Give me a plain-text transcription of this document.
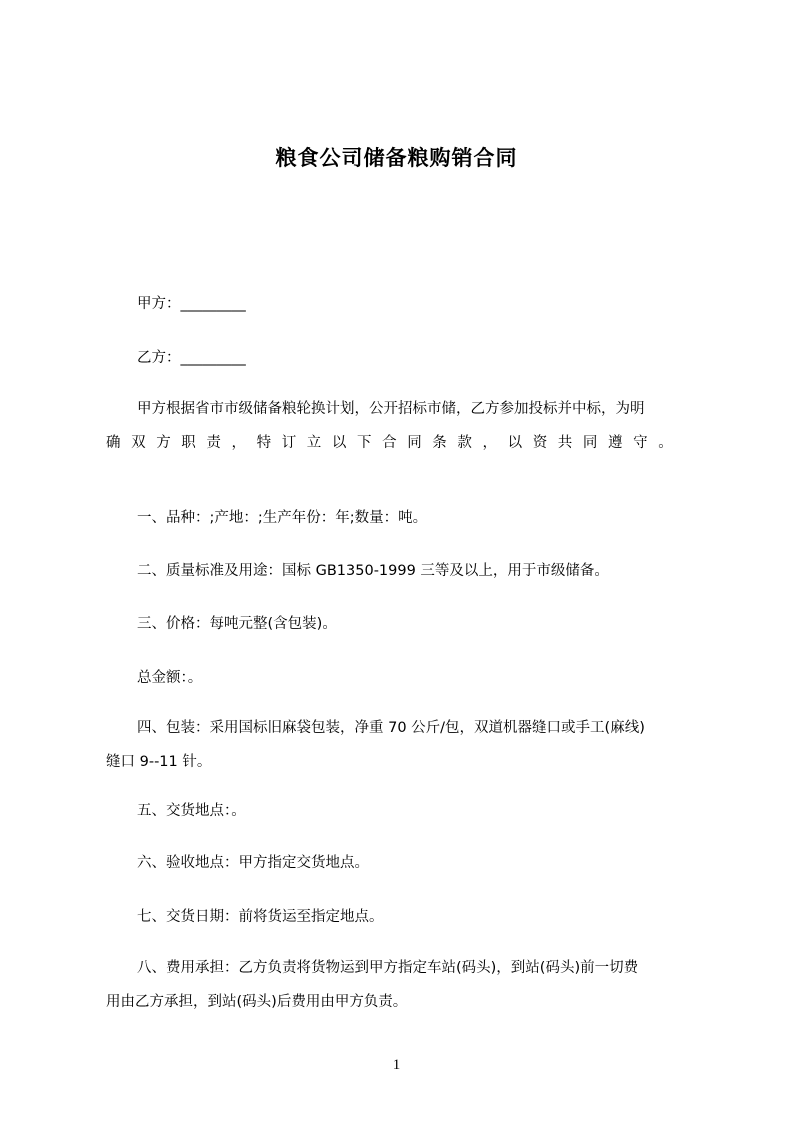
粮食公司储备粮购销合同
甲方：_________
乙方：_________

甲方根据省市市级储备粮轮换计划，公开招标市储，乙方参加投标并中标，为明

确双方职责，特订立以下合同条款，以资共同遵守。

一、品种：;产地：;生产年份：年;数量：吨。
二、质量标准及用途：国标 GB1350-1999 三等及以上，用于市级储备。
三、价格：每吨元整(含包装)。
总金额：。

四、包装：采用国标旧麻袋包装，净重 70 公斤/包，双道机器缝口或手工(麻线)

缝口 9--11 针。

五、交货地点：。
六、验收地点：甲方指定交货地点。
七、交货日期：前将货运至指定地点。

八、费用承担：乙方负责将货物运到甲方指定车站(码头)，到站(码头)前一切费

用由乙方承担，到站(码头)后费用由甲方负责。

1
